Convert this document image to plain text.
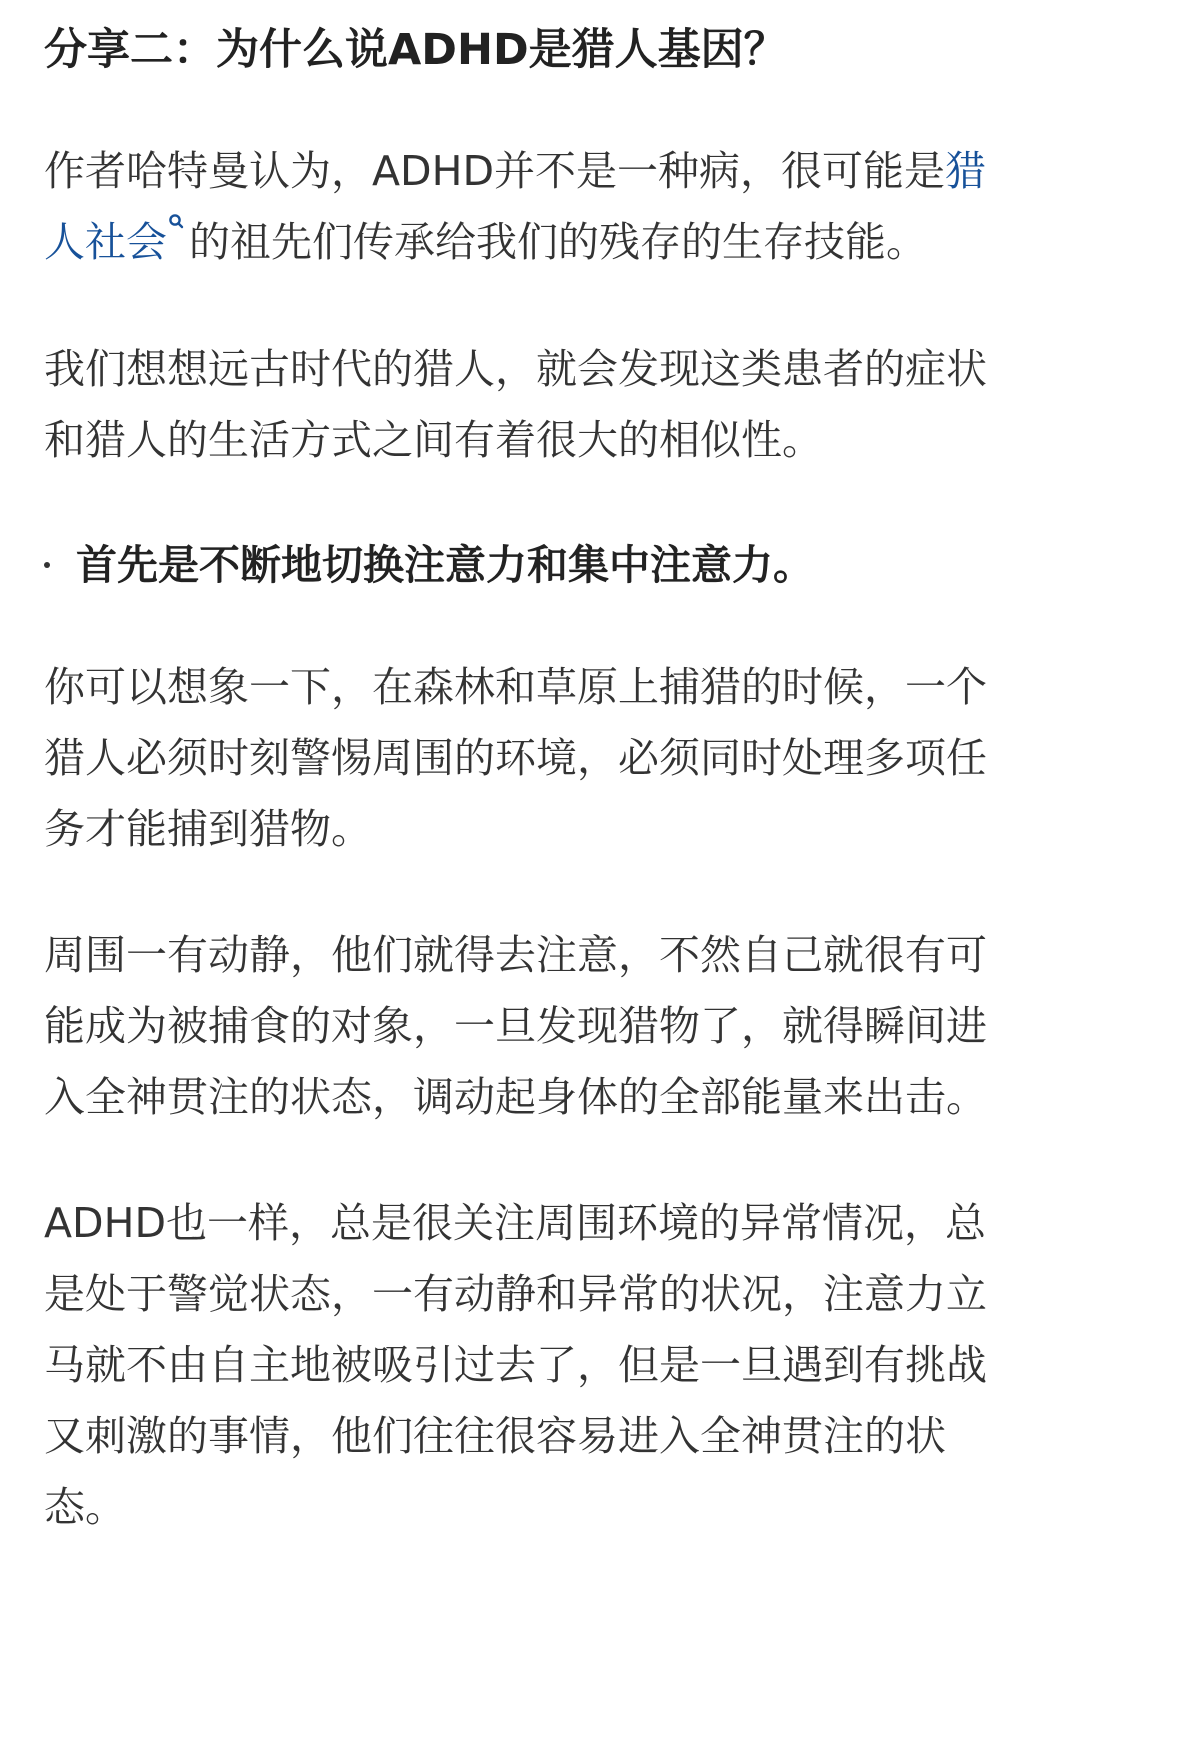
分享二：为什么说ADHD是猎人基因？

作者哈特曼认为，ADHD并不是一种病，很可能是猎
人社会 的祖先们传承给我们的残存的生存技能。

我们想想远古时代的猎人，就会发现这类患者的症状
和猎人的生活方式之间有着很大的相似性。

首先是不断地切换注意力和集中注意力。

你可以想象一下，在森林和草原上捕猎的时候，一个
猎人必须时刻警惕周围的环境，必须同时处理多项任
务才能捕到猎物。

周围一有动静，他们就得去注意，不然自己就很有可
能成为被捕食的对象，一旦发现猎物了，就得瞬间进
入全神贯注的状态，调动起身体的全部能量来出击。

ADHD也一样，总是很关注周围环境的异常情况，总
是处于警觉状态，一有动静和异常的状况，注意力立
马就不由自主地被吸引过去了，但是一旦遇到有挑战
又刺激的事情，他们往往很容易进入全神贯注的状
态。
